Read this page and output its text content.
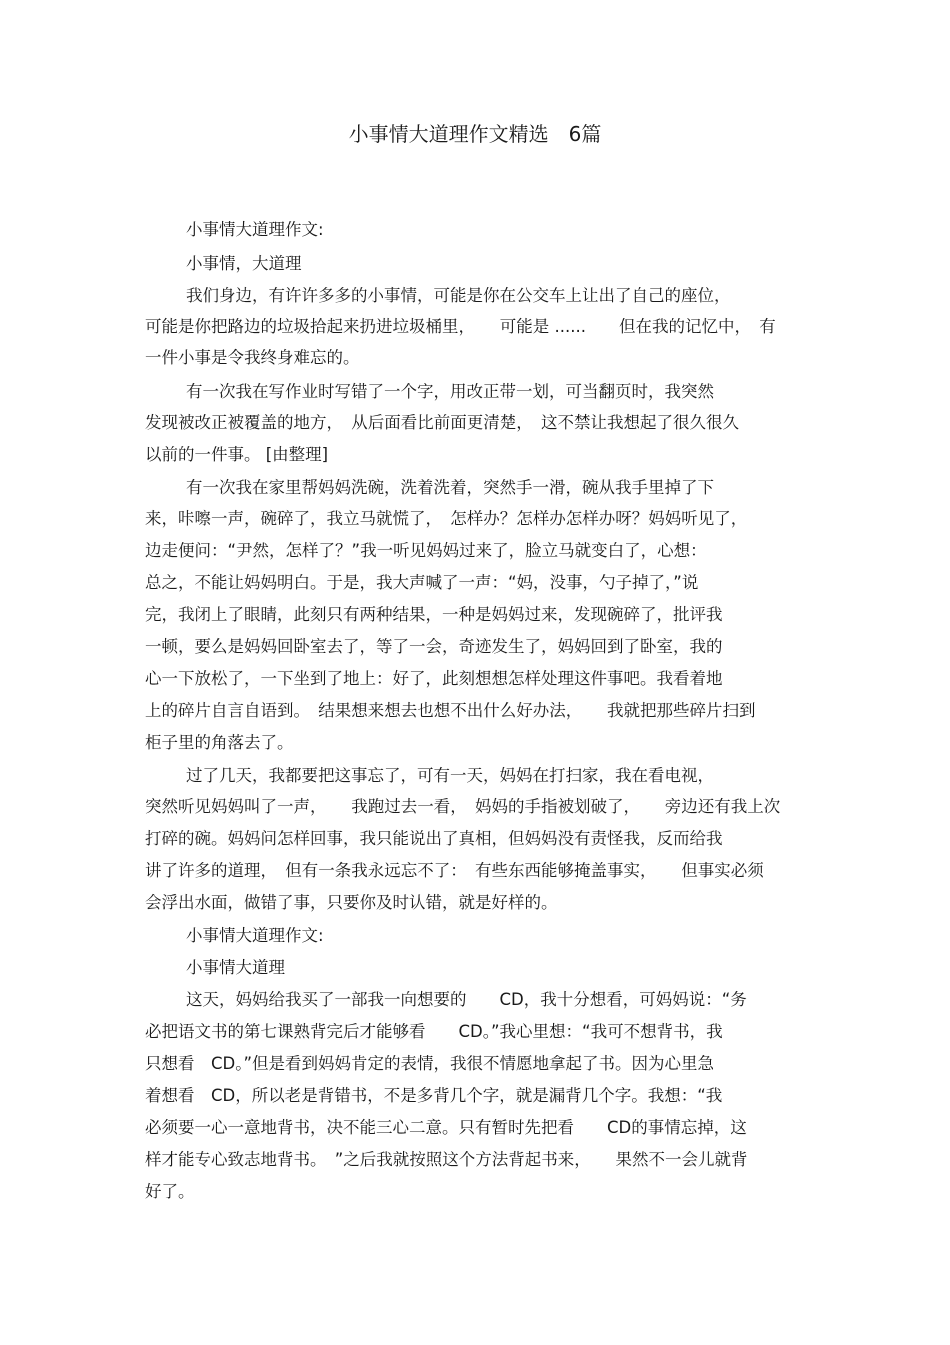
小事情大道理作文精选　6篇
小事情大道理作文:
小事情，大道理
我们身边，有许许多多的小事情，可能是你在公交车上让出了自己的座位，
可能是你把路边的垃圾拾起来扔进垃圾桶里，　　可能是 ......　　但在我的记忆中，　有
一件小事是令我终身难忘的。
有一次我在写作业时写错了一个字，用改正带一划，可当翻页时，我突然
发现被改正被覆盖的地方，　从后面看比前面更清楚，　这不禁让我想起了很久很久
以前的一件事。 [由整理]
有一次我在家里帮妈妈洗碗，洗着洗着，突然手一滑，碗从我手里掉了下
来，咔嚓一声，碗碎了，我立马就慌了，　怎样办？怎样办怎样办呀？妈妈听见了，
边走便问：“尹然，怎样了？”我一听见妈妈过来了，脸立马就变白了，心想：
总之，不能让妈妈明白。于是，我大声喊了一声：“妈，没事，勺子掉了，”说
完，我闭上了眼睛，此刻只有两种结果，一种是妈妈过来，发现碗碎了，批评我
一顿，要么是妈妈回卧室去了，等了一会，奇迹发生了，妈妈回到了卧室，我的
心一下放松了，一下坐到了地上：好了，此刻想想怎样处理这件事吧。我看着地
上的碎片自言自语到。　结果想来想去也想不出什么好办法，　　我就把那些碎片扫到
柜子里的角落去了。
过了几天，我都要把这事忘了，可有一天，妈妈在打扫家，我在看电视，
突然听见妈妈叫了一声，　　我跑过去一看，　妈妈的手指被划破了，　　旁边还有我上次
打碎的碗。妈妈问怎样回事，我只能说出了真相，但妈妈没有责怪我，反而给我
讲了许多的道理，　但有一条我永远忘不了：　有些东西能够掩盖事实，　　但事实必须
会浮出水面，做错了事，只要你及时认错，就是好样的。
小事情大道理作文:
小事情大道理
这天，妈妈给我买了一部我一向想要的　　CD，我十分想看，可妈妈说：“务
必把语文书的第七课熟背完后才能够看　　CD。”我心里想：“我可不想背书，我
只想看　CD。”但是看到妈妈肯定的表情，我很不情愿地拿起了书。因为心里急
着想看　CD，所以老是背错书，不是多背几个字，就是漏背几个字。我想：“我
必须要一心一意地背书，决不能三心二意。只有暂时先把看　　CD的事情忘掉，这
样才能专心致志地背书。　”之后我就按照这个方法背起书来，　　果然不一会儿就背
好了。
